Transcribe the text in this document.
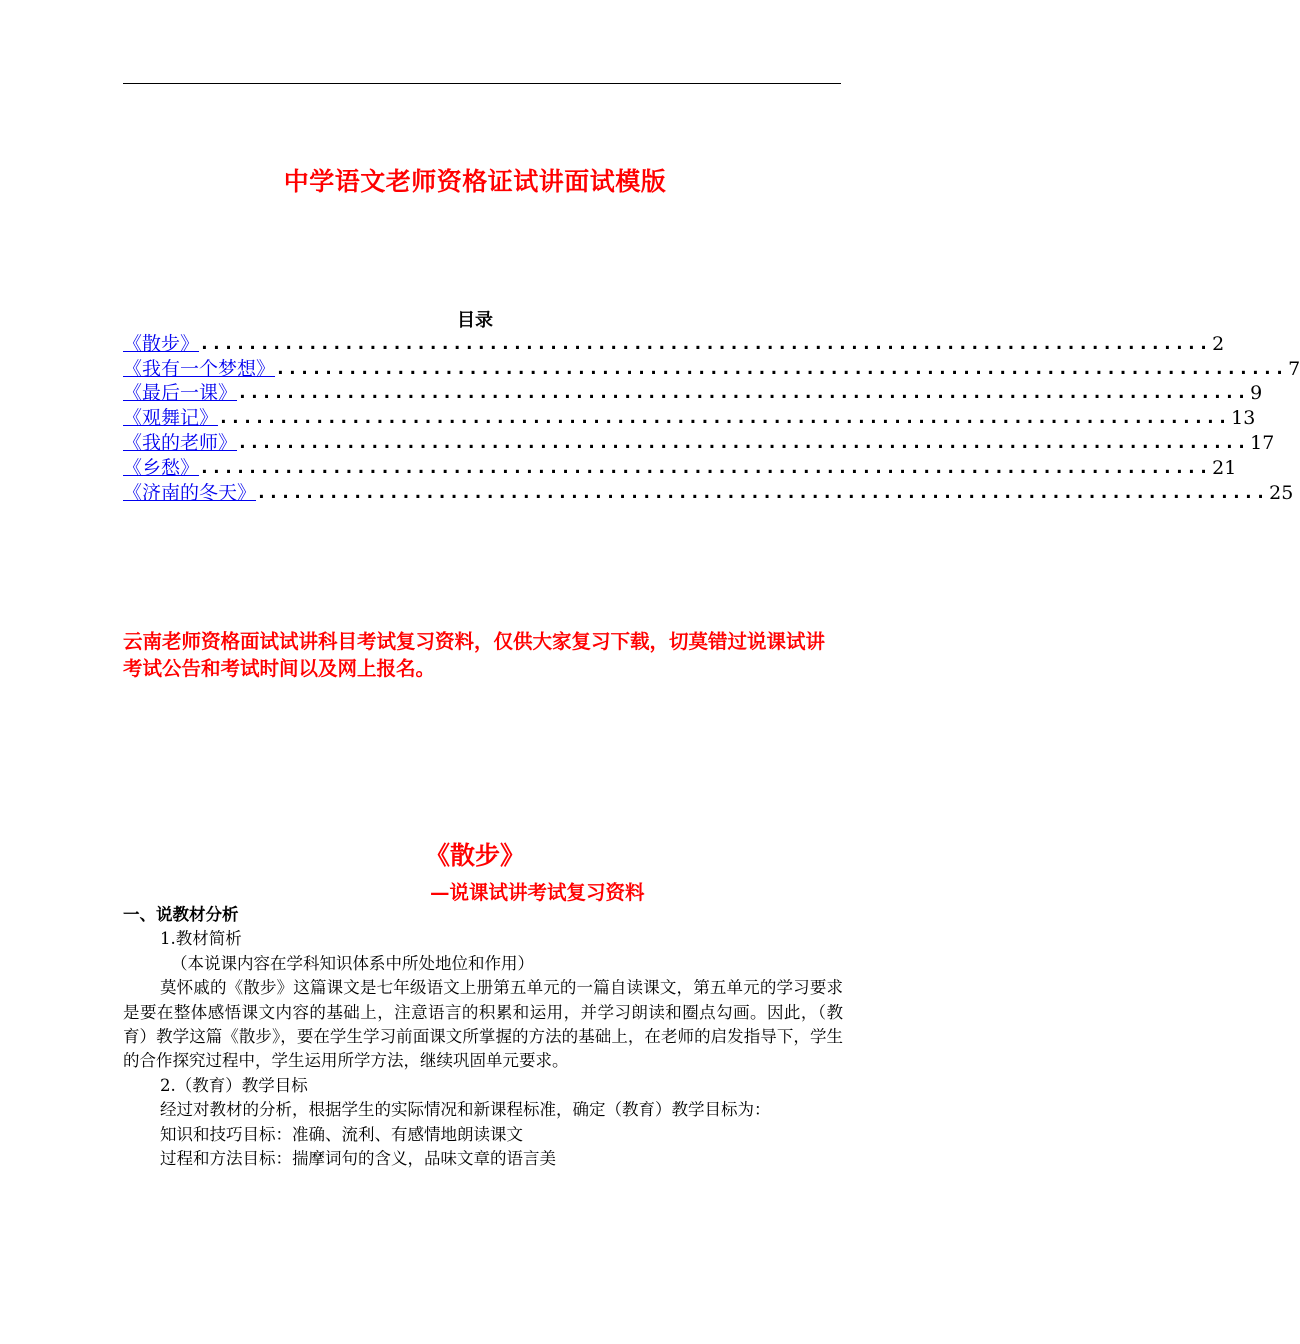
中学语文老师资格证试讲面试模版
目录
《散步》 .................................................................................... 2
《我有一个梦想》 .................................................................................... 7
《最后一课》 .................................................................................... 9
《观舞记》 .................................................................................... 13
《我的老师》 .................................................................................... 17
《乡愁》 .................................................................................... 21
《济南的冬天》 .................................................................................... 25
云南老师资格面试试讲科目考试复习资料，仅供大家复习下载，切莫错过说课试讲考试公告和考试时间以及网上报名。
《散步》
—说课试讲考试复习资料

一、说教材分析

1.教材简析

（本说课内容在学科知识体系中所处地位和作用）

莫怀戚的《散步》这篇课文是七年级语文上册第五单元的一篇自读课文，第五单元的学习要求是要在整体感悟课文内容的基础上，注意语言的积累和运用，并学习朗读和圈点勾画。因此，（教育）教学这篇《散步》，要在学生学习前面课文所掌握的方法的基础上，在老师的启发指导下，学生的合作探究过程中，学生运用所学方法，继续巩固单元要求。

2.（教育）教学目标

经过对教材的分析，根据学生的实际情况和新课程标准，确定（教育）教学目标为：

知识和技巧目标：准确、流利、有感情地朗读课文

过程和方法目标：揣摩词句的含义，品味文章的语言美
